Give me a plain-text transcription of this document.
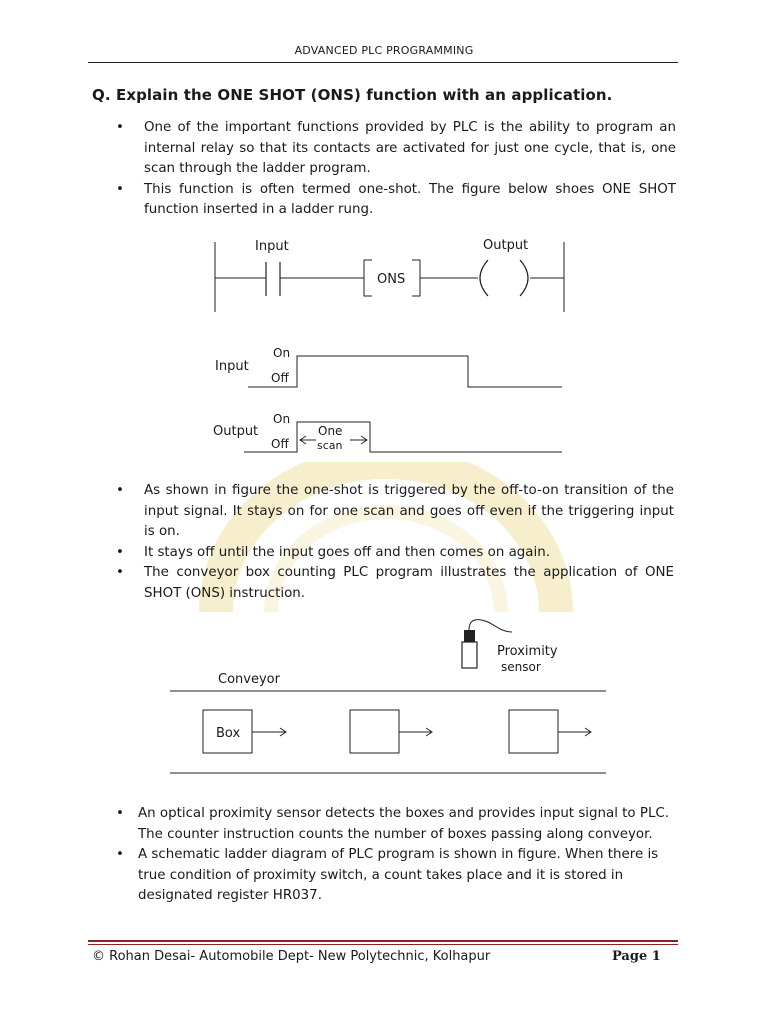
ADVANCED PLC PROGRAMMING
Q. Explain the ONE SHOT (ONS) function with an application.
• One of the important functions provided by PLC is the ability to program an internal relay so that its contacts are activated for just one cycle, that is, one scan through the ladder program.
• This function is often termed one-shot. The figure below shoes ONE SHOT function inserted in a ladder rung.
Input	Output
ONS
Input
On
Off
Output
On
Off
One
scan
• As shown in figure the one-shot is triggered by the off-to-on transition of the input signal. It stays on for one scan and goes off even if the triggering input is on.
• It stays off until the input goes off and then comes on again.
• The conveyor box counting PLC program illustrates the application of ONE SHOT (ONS) instruction.
Proximity
sensor
Conveyor
Box
• An optical proximity sensor detects the boxes and provides input signal to PLC. The counter instruction counts the number of boxes passing along conveyor.
• A schematic ladder diagram of PLC program is shown in figure. When there is true condition of proximity switch, a count takes place and it is stored in designated register HR037.
© Rohan Desai- Automobile Dept- New Polytechnic, Kolhapur	Page 1
